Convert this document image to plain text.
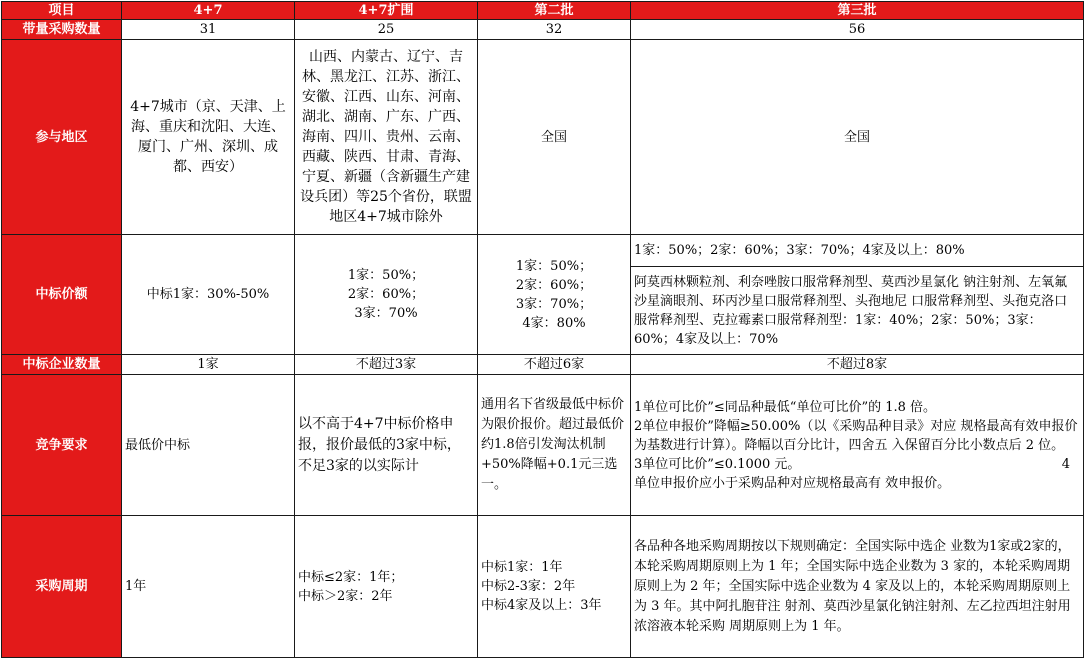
项目	4+7	4+7扩围	第二批	第三批
带量采购数量	31	25	32	56
参与地区	4+7城市（京、天津、上海、重庆和沈阳、大连、厦门、广州、深圳、成都、西安）	山西、内蒙古、辽宁、吉林、黑龙江、江苏、浙江、安徽、江西、山东、河南、湖北、湖南、广东、广西、海南、四川、贵州、云南、西藏、陕西、甘肃、青海、宁夏、新疆（含新疆生产建设兵团）等25个省份，联盟地区4+7城市除外	全国	全国
中标价额	中标1家：30%-50%	1家：50%；
2家：60%；
3家：70%	1家：50%；
2家：60%；
3家：70%；
4家：80%	1家：50%；2家：60%；3家：70%；4家及以上：80%
				阿莫西林颗粒剂、利奈唑胺口服常释剂型、莫西沙星氯化 钠注射剂、左氧氟沙星滴眼剂、环丙沙星口服常释剂型、头孢地尼 口服常释剂型、头孢克洛口服常释剂型、克拉霉素口服常释剂型：1家：40%；2家：50%；3家：60%；4家及以上：70%
中标企业数量	1家	不超过3家	不超过6家	不超过8家
竞争要求	最低价中标	以不高于4+7中标价格申报，报价最低的3家中标，不足3家的以实际计	通用名下省级最低中标价为限价报价。超过最低价约1.8倍引发淘汰机制+50%降幅+0.1元三选一。	1单位可比价”≤同品种最低“单位可比价”的 1.8 倍。
2单位申报价”降幅≥50.00%（以《采购品种目录》对应 规格最高有效申报价为基数进行计算）。降幅以百分比计，四舍五 入保留百分比小数点后 2 位。
3单位可比价”≤0.1000 元。 4
单位申报价应小于采购品种对应规格最高有 效申报价。

采购周期	1年	中标≤2家：1年；
中标＞2家：2年	中标1家：1年
中标2-3家：2年
中标4家及以上：3年	各品种各地采购周期按以下规则确定：全国实际中选企 业数为1家或2家的，本轮采购周期原则上为 1 年；全国实际中选企业数为 3 家的，本轮采购周期原则上为 2 年；全国实际中选企业数为 4 家及以上的，本轮采购周期原则上为 3 年。其中阿扎胞苷注 射剂、莫西沙星氯化钠注射剂、左乙拉西坦注射用浓溶液本轮采购 周期原则上为 1 年。
